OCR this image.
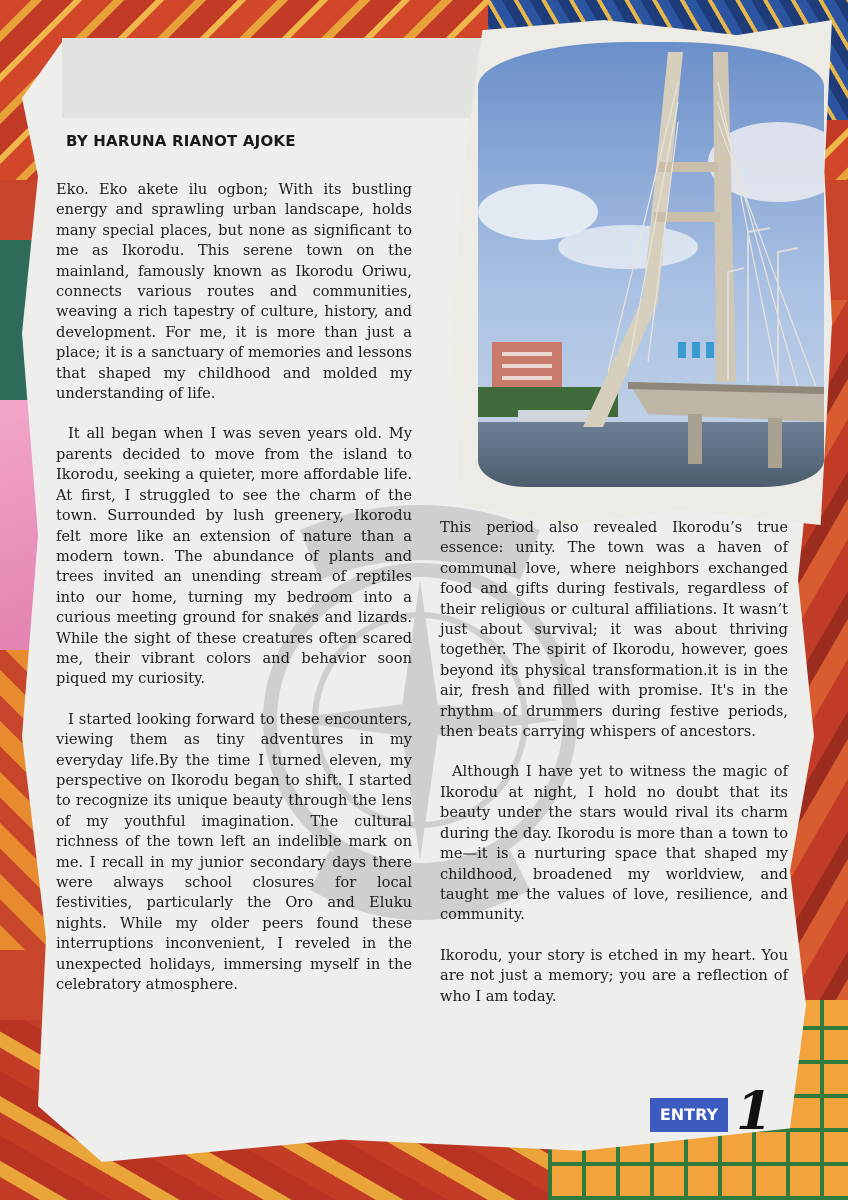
BY HARUNA RIANOT AJOKE

Eko. Eko akete ilu ogbon; With its bustling energy and sprawling urban landscape, holds many special places, but none as significant to me as Ikorodu. This serene town on the mainland, famously known as Ikorodu Oriwu, connects various routes and communities, weaving a rich tapestry of culture, history, and development. For me, it is more than just a place; it is a sanctuary of memories and lessons that shaped my childhood and molded my understanding of life.

It all began when I was seven years old. My parents decided to move from the island to Ikorodu, seeking a quieter, more affordable life. At first, I struggled to see the charm of the town. Surrounded by lush greenery, Ikorodu felt more like an extension of nature than a modern town. The abundance of plants and trees invited an unending stream of reptiles into our home, turning my bedroom into a curious meeting ground for snakes and lizards. While the sight of these creatures often scared me, their vibrant colors and behavior soon piqued my curiosity.

I started looking forward to these encounters, viewing them as tiny adventures in my everyday life.By the time I turned eleven, my perspective on Ikorodu began to shift. I started to recognize its unique beauty through the lens of my youthful imagination. The cultural richness of the town left an indelible mark on me. I recall in my junior secondary days there were always school closures for local festivities, particularly the Oro and Eluku nights. While my older peers found these interruptions inconvenient, I reveled in the unexpected holidays, immersing myself in the celebratory atmosphere.

This period also revealed Ikorodu’s true essence: unity. The town was a haven of communal love, where neighbors exchanged food and gifts during festivals, regardless of their religious or cultural affiliations. It wasn’t just about survival; it was about thriving together. The spirit of Ikorodu, however, goes beyond its physical transformation.it is in the air, fresh and filled with promise. It's in the rhythm of drummers during festive periods, then beats carrying whispers of ancestors.

Although I have yet to witness the magic of Ikorodu at night, I hold no doubt that its beauty under the stars would rival its charm during the day. Ikorodu is more than a town to me—it is a nurturing space that shaped my childhood, broadened my worldview, and taught me the values of love, resilience, and community.

Ikorodu, your story is etched in my heart. You are not just a memory; you are a reflection of who I am today.

ENTRY 1
